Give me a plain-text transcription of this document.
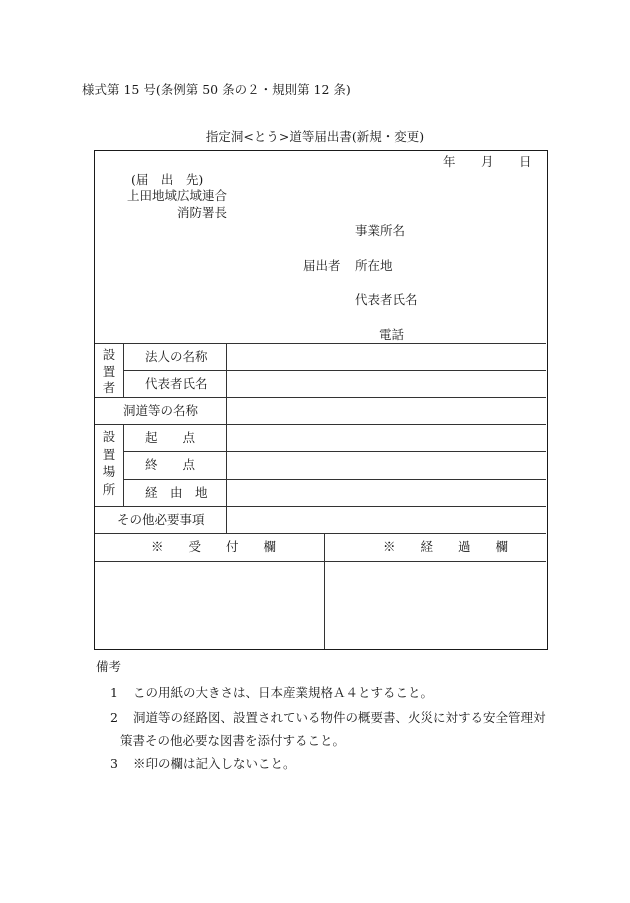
様式第 15 号(条例第 50 条の２・規則第 12 条)
指定洞<とう>道等届出書(新規・変更)
年 月 日
(届　出　先)
上田地域広域連合
消防署長
事業所名
届出者 所在地
代表者氏名
電話
設
置
者
法人の名称
代表者氏名
洞道等の名称
設
置
場
所
起　　点
終　　点
経　由　地
その他必要事項
※　　受　　付　　欄	※　　経　　過　　欄
備考
1 この用紙の大きさは、日本産業規格Ａ４とすること。
2 洞道等の経路図、設置されている物件の概要書、火災に対する安全管理対
策書その他必要な図書を添付すること。
3 ※印の欄は記入しないこと。
